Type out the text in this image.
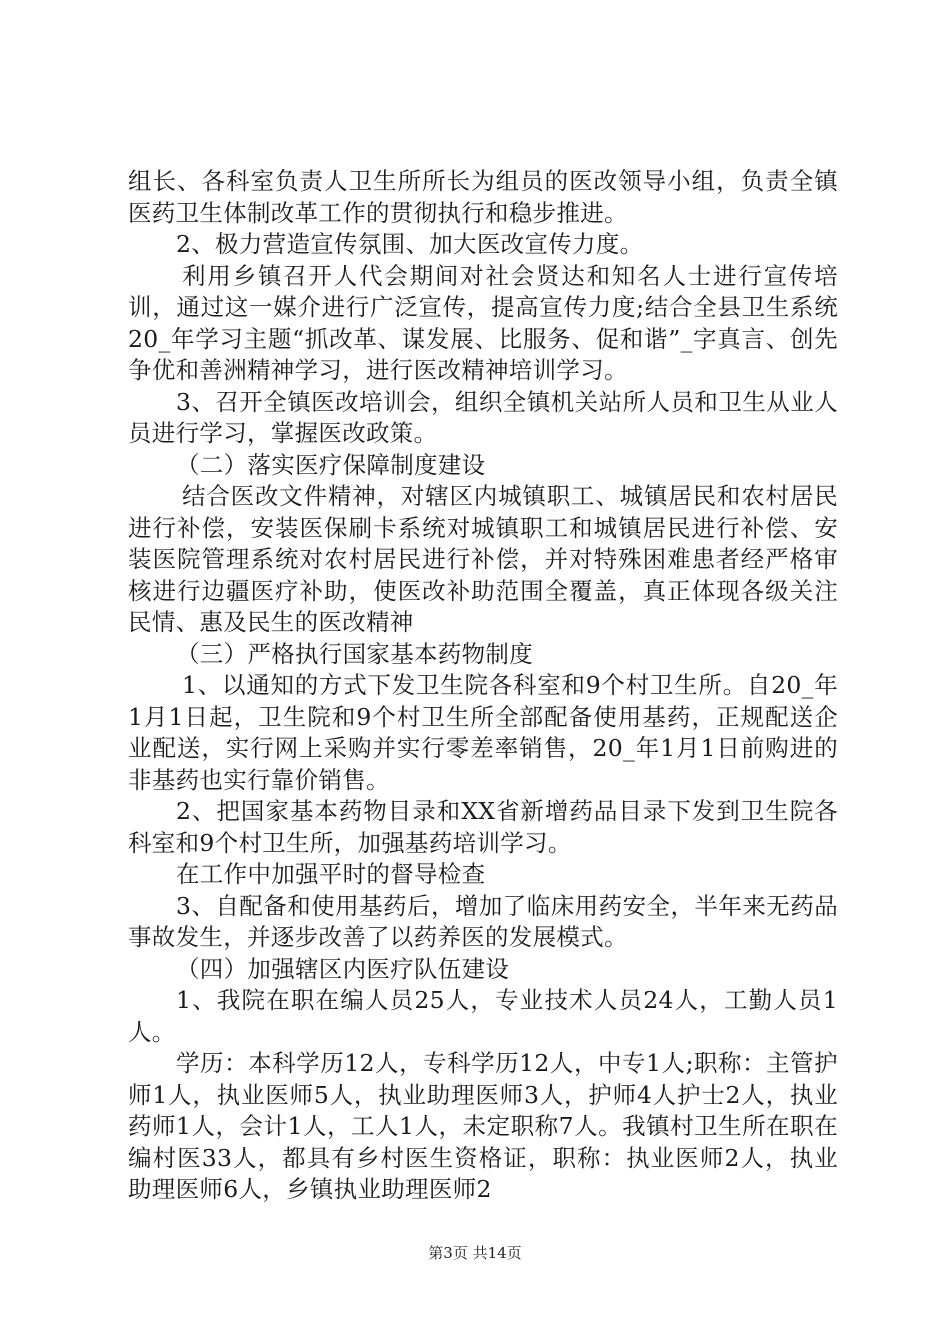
组长、各科室负责人卫生所所长为组员的医改领导小组，负责全镇医药卫生体制改革工作的贯彻执行和稳步推进。

2、极力营造宣传氛围、加大医改宣传力度。

利用乡镇召开人代会期间对社会贤达和知名人士进行宣传培训，通过这一媒介进行广泛宣传，提高宣传力度;结合全县卫生系统20_年学习主题“抓改革、谋发展、比服务、促和谐”_字真言、创先争优和善洲精神学习，进行医改精神培训学习。

3、召开全镇医改培训会，组织全镇机关站所人员和卫生从业人员进行学习，掌握医改政策。

（二）落实医疗保障制度建设

结合医改文件精神，对辖区内城镇职工、城镇居民和农村居民进行补偿，安装医保刷卡系统对城镇职工和城镇居民进行补偿、安装医院管理系统对农村居民进行补偿，并对特殊困难患者经严格审核进行边疆医疗补助，使医改补助范围全覆盖，真正体现各级关注民情、惠及民生的医改精神

（三）严格执行国家基本药物制度

1、以通知的方式下发卫生院各科室和9个村卫生所。自20_年1月1日起，卫生院和9个村卫生所全部配备使用基药，正规配送企业配送，实行网上采购并实行零差率销售，20_年1月1日前购进的非基药也实行靠价销售。

2、把国家基本药物目录和XX省新增药品目录下发到卫生院各科室和9个村卫生所，加强基药培训学习。

在工作中加强平时的督导检查

3、自配备和使用基药后，增加了临床用药安全，半年来无药品事故发生，并逐步改善了以药养医的发展模式。

（四）加强辖区内医疗队伍建设

1、我院在职在编人员25人，专业技术人员24人，工勤人员1人。

学历：本科学历12人，专科学历12人，中专1人;职称：主管护师1人，执业医师5人，执业助理医师3人，护师4人护士2人，执业药师1人，会计1人，工人1人，未定职称7人。我镇村卫生所在职在编村医33人，都具有乡村医生资格证，职称：执业医师2人，执业助理医师6人，乡镇执业助理医师2

第3页 共14页
